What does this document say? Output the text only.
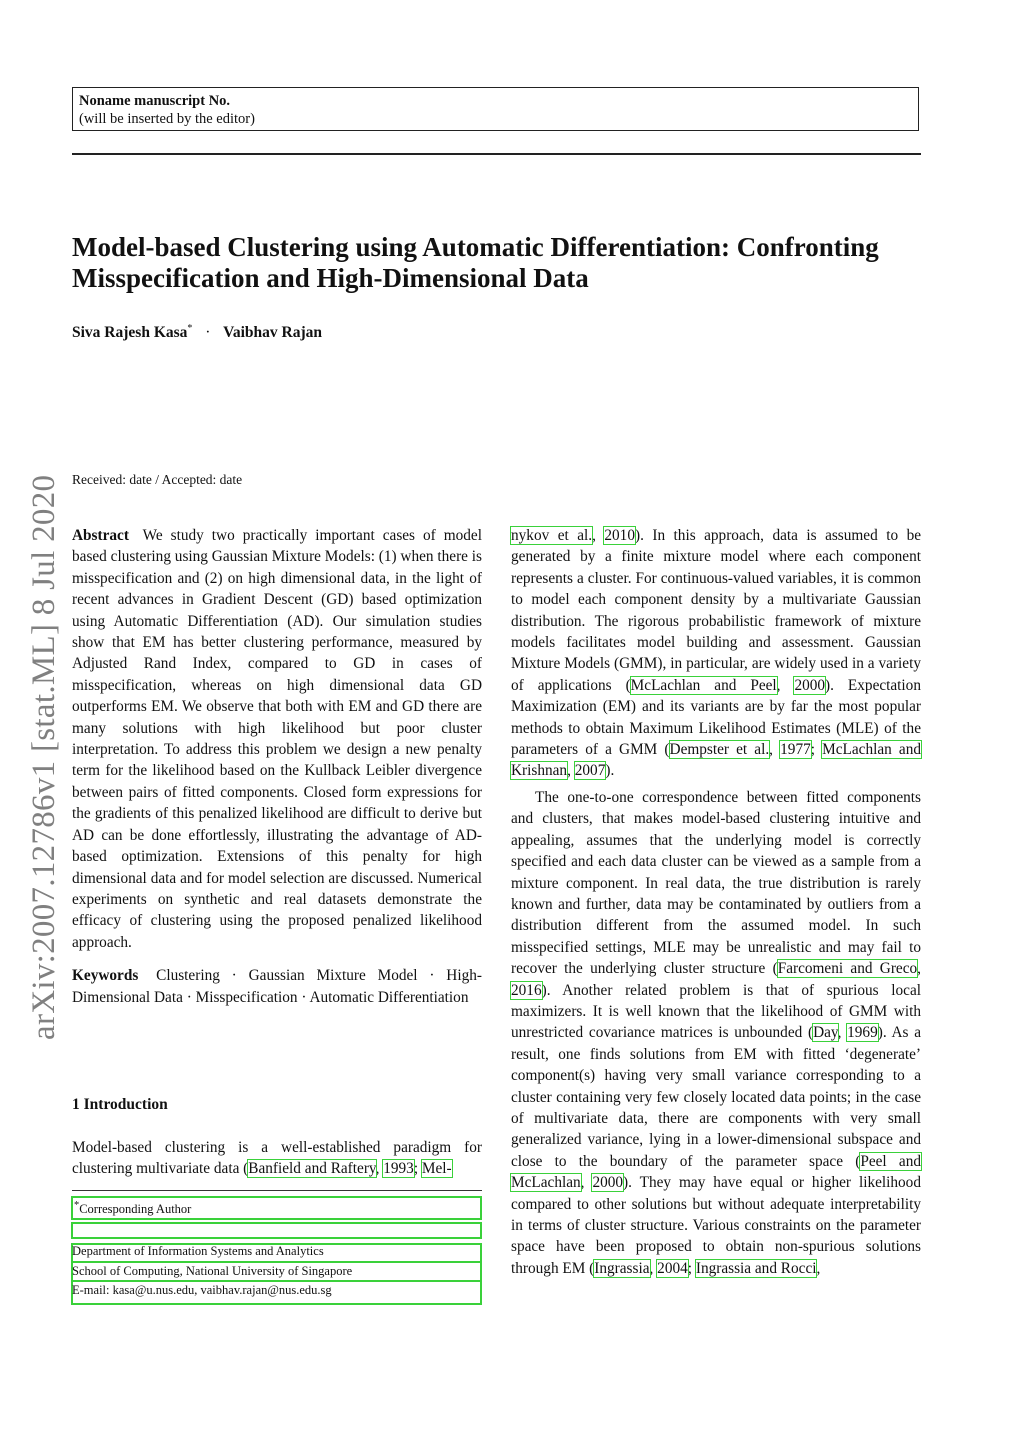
Noname manuscript No.
(will be inserted by the editor)
Model-based Clustering using Automatic Differentiation: Confronting Misspecification and High-Dimensional Data
Siva Rajesh Kasa* · Vaibhav Rajan
arXiv:2007.12786v1 [stat.ML] 8 Jul 2020 Received: date / Accepted: date

Abstract We study two practically important cases of model based clustering using Gaussian Mixture Models: (1) when there is misspecification and (2) on high dimensional data, in the light of recent advances in Gradient Descent (GD) based optimization using Automatic Differentiation (AD). Our simulation studies show that EM has better clustering performance, measured by Adjusted Rand Index, compared to GD in cases of misspecification, whereas on high dimensional data GD outperforms EM. We observe that both with EM and GD there are many solutions with high likelihood but poor cluster interpretation. To address this problem we design a new penalty term for the likelihood based on the Kullback Leibler divergence between pairs of fitted components. Closed form expressions for the gradients of this penalized likelihood are difficult to derive but AD can be done effortlessly, illustrating the advantage of AD-based optimization. Extensions of this penalty for high dimensional data and for model selection are discussed. Numerical experiments on synthetic and real datasets demonstrate the efficacy of clustering using the proposed penalized likelihood approach.

Keywords Clustering · Gaussian Mixture Model · High-Dimensional Data · Misspecification · Automatic Differentiation

1 Introduction
Model-based clustering is a well-established paradigm for clustering multivariate data (Banfield and Raftery, 1993; Mel-
*Corresponding Author
Department of Information Systems and Analytics
School of Computing, National University of Singapore
E-mail: kasa@u.nus.edu, vaibhav.rajan@nus.edu.sg

nykov et al., 2010). In this approach, data is assumed to be generated by a finite mixture model where each component represents a cluster. For continuous-valued variables, it is common to model each component density by a multivariate Gaussian distribution. The rigorous probabilistic framework of mixture models facilitates model building and assessment. Gaussian Mixture Models (GMM), in particular, are widely used in a variety of applications (McLachlan and Peel, 2000). Expectation Maximization (EM) and its variants are by far the most popular methods to obtain Maximum Likelihood Estimates (MLE) of the parameters of a GMM (Dempster et al., 1977; McLachlan and Krishnan, 2007).

The one-to-one correspondence between fitted components and clusters, that makes model-based clustering intuitive and appealing, assumes that the underlying model is correctly specified and each data cluster can be viewed as a sample from a mixture component. In real data, the true distribution is rarely known and further, data may be contaminated by outliers from a distribution different from the assumed model. In such misspecified settings, MLE may be unrealistic and may fail to recover the underlying cluster structure (Farcomeni and Greco, 2016). Another related problem is that of spurious local maximizers. It is well known that the likelihood of GMM with unrestricted covariance matrices is unbounded (Day, 1969). As a result, one finds solutions from EM with fitted ‘degenerate’ component(s) having very small variance corresponding to a cluster containing very few closely located data points; in the case of multivariate data, there are components with very small generalized variance, lying in a lower-dimensional subspace and close to the boundary of the parameter space (Peel and McLachlan, 2000). They may have equal or higher likelihood compared to other solutions but without adequate interpretability in terms of cluster structure. Various constraints on the parameter space have been proposed to obtain non-spurious solutions through EM (Ingrassia, 2004; Ingrassia and Rocci,
